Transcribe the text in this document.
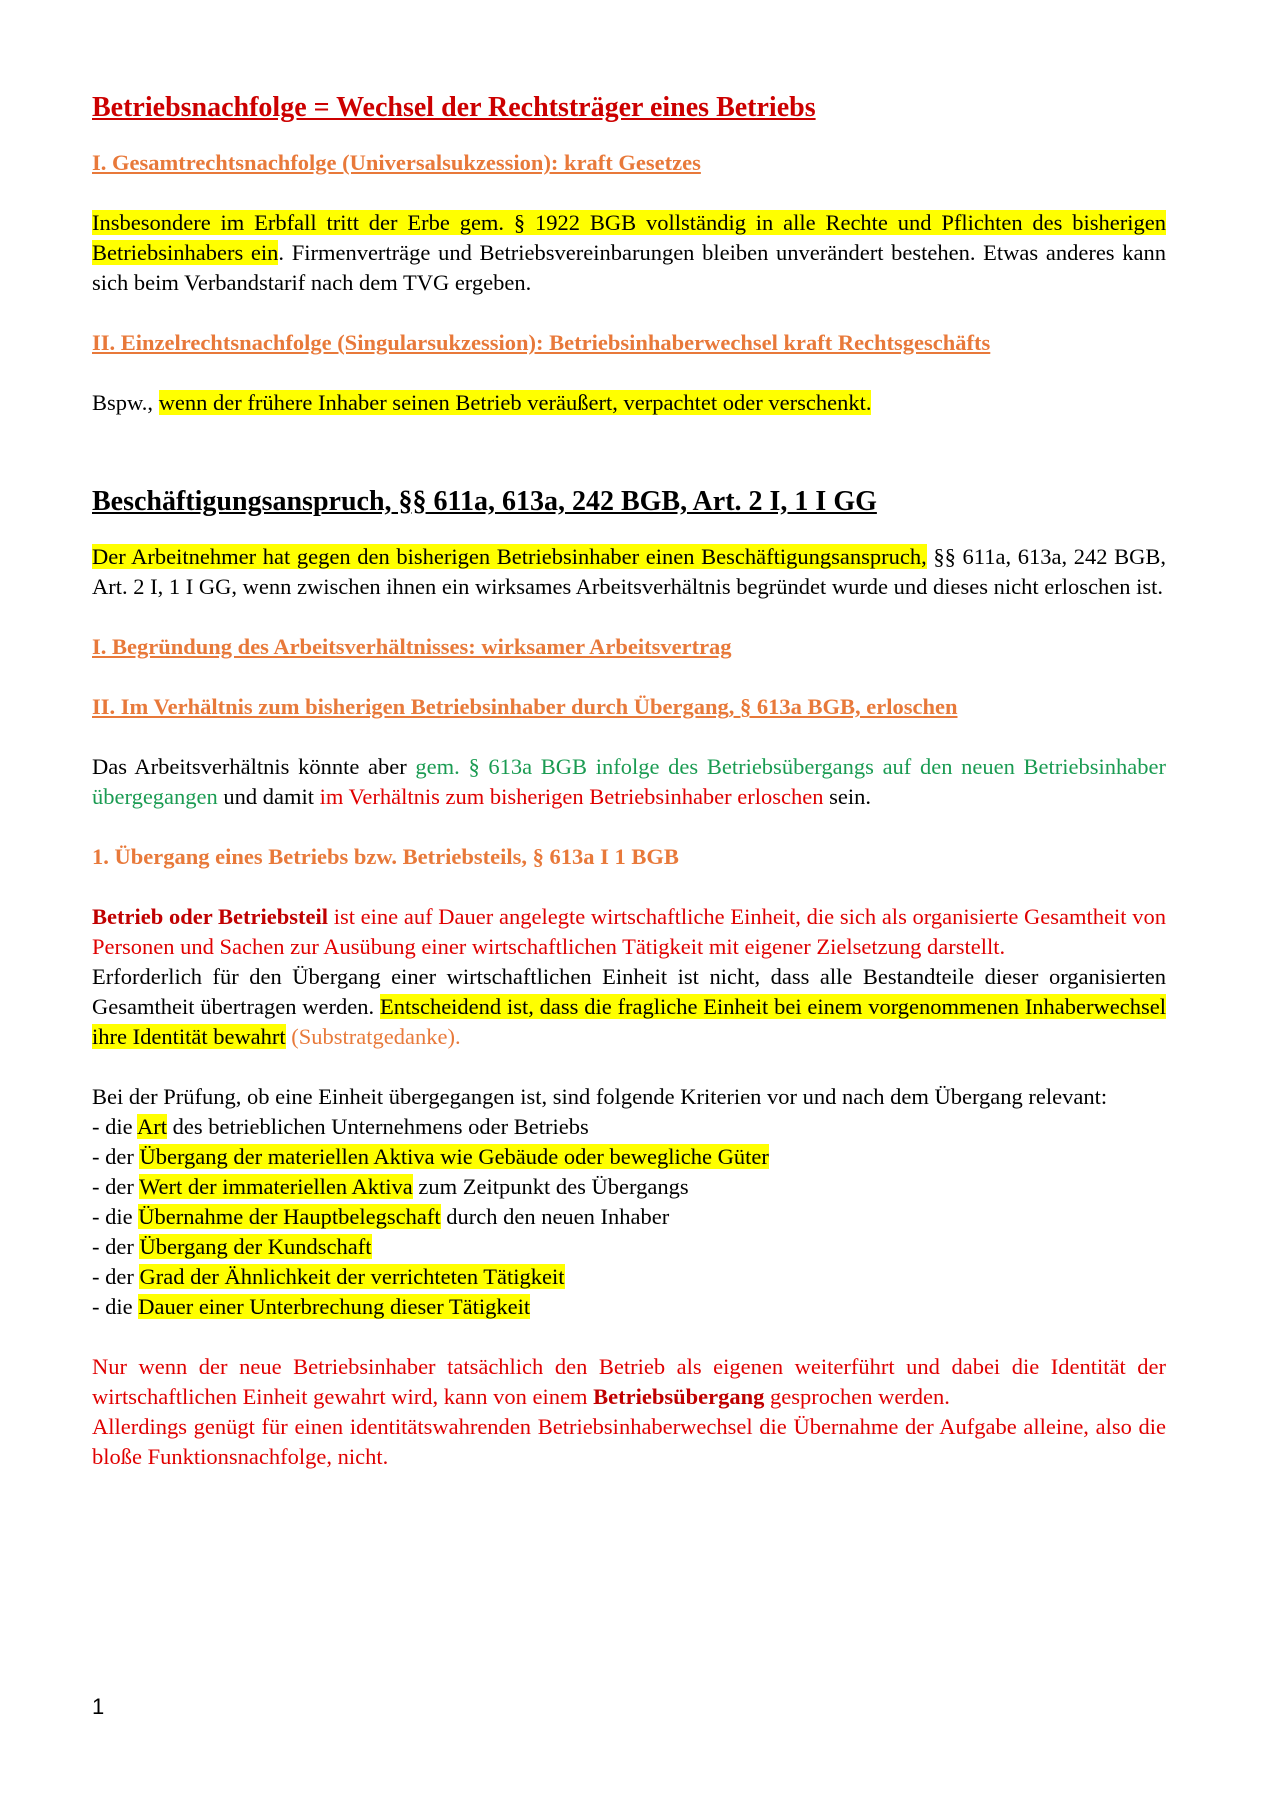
Betriebsnachfolge = Wechsel der Rechtsträger eines Betriebs
I. Gesamtrechtsnachfolge (Universalsukzession): kraft Gesetzes
Insbesondere im Erbfall tritt der Erbe gem. § 1922 BGB vollständig in alle Rechte und Pflichten des bisherigen Betriebsinhabers ein. Firmenverträge und Betriebsvereinbarungen bleiben unverändert bestehen. Etwas anderes kann sich beim Verbandstarif nach dem TVG ergeben.
II. Einzelrechtsnachfolge (Singularsukzession): Betriebsinhaberwechsel kraft Rechtsgeschäfts
Bspw., wenn der frühere Inhaber seinen Betrieb veräußert, verpachtet oder verschenkt.
Beschäftigungsanspruch, §§ 611a, 613a, 242 BGB, Art. 2 I, 1 I GG
Der Arbeitnehmer hat gegen den bisherigen Betriebsinhaber einen Beschäftigungsanspruch, §§ 611a, 613a, 242 BGB, Art. 2 I, 1 I GG, wenn zwischen ihnen ein wirksames Arbeitsverhältnis begründet wurde und dieses nicht erloschen ist.
I. Begründung des Arbeitsverhältnisses: wirksamer Arbeitsvertrag
II. Im Verhältnis zum bisherigen Betriebsinhaber durch Übergang, § 613a BGB, erloschen
Das Arbeitsverhältnis könnte aber gem. § 613a BGB infolge des Betriebsübergangs auf den neuen Betriebsinhaber übergegangen und damit im Verhältnis zum bisherigen Betriebsinhaber erloschen sein.
1. Übergang eines Betriebs bzw. Betriebsteils, § 613a I 1 BGB
Betrieb oder Betriebsteil ist eine auf Dauer angelegte wirtschaftliche Einheit, die sich als organisierte Gesamtheit von Personen und Sachen zur Ausübung einer wirtschaftlichen Tätigkeit mit eigener Zielsetzung darstellt.
Erforderlich für den Übergang einer wirtschaftlichen Einheit ist nicht, dass alle Bestandteile dieser organisierten Gesamtheit übertragen werden. Entscheidend ist, dass die fragliche Einheit bei einem vorgenommenen Inhaberwechsel ihre Identität bewahrt (Substratgedanke).
Bei der Prüfung, ob eine Einheit übergegangen ist, sind folgende Kriterien vor und nach dem Übergang relevant:
- die Art des betrieblichen Unternehmens oder Betriebs
- der Übergang der materiellen Aktiva wie Gebäude oder bewegliche Güter
- der Wert der immateriellen Aktiva zum Zeitpunkt des Übergangs
- die Übernahme der Hauptbelegschaft durch den neuen Inhaber
- der Übergang der Kundschaft
- der Grad der Ähnlichkeit der verrichteten Tätigkeit
- die Dauer einer Unterbrechung dieser Tätigkeit
Nur wenn der neue Betriebsinhaber tatsächlich den Betrieb als eigenen weiterführt und dabei die Identität der wirtschaftlichen Einheit gewahrt wird, kann von einem Betriebsübergang gesprochen werden.
Allerdings genügt für einen identitätswahrenden Betriebsinhaberwechsel die Übernahme der Aufgabe alleine, also die bloße Funktionsnachfolge, nicht.
1
